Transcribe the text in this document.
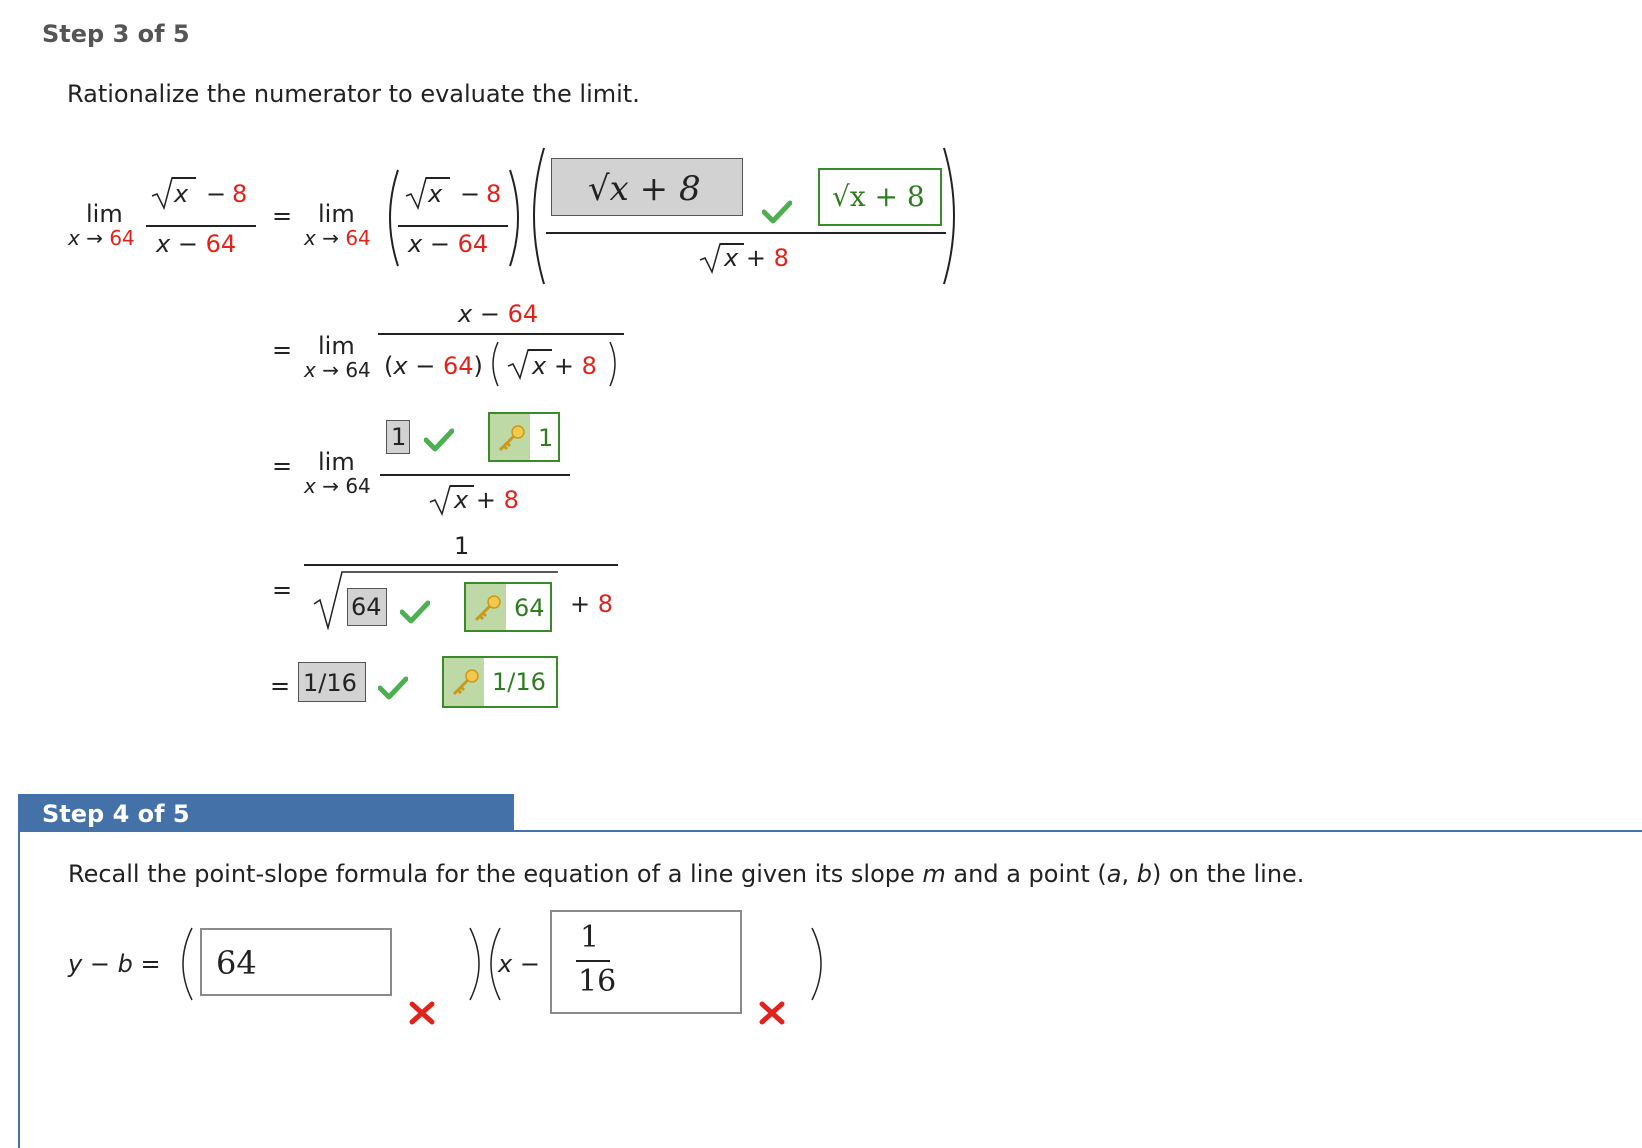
Step 3 of 5
Rationalize the numerator to evaluate the limit.
lim
x → 64
x − 8
x − 64
= lim
x → 64
x − 8
x − 64
√x + 8	√x + 8
x + 8
= lim
x → 64
x − 64
(x − 64) x + 8
= lim
x → 64
1	1
x + 8
=
1
64	64 + 8
= 1/16	1/16
Step 4 of 5
Recall the point-slope formula for the equation of a line given its slope m and a point (a, b) on the line.
y − b = 64	x −
1
16
